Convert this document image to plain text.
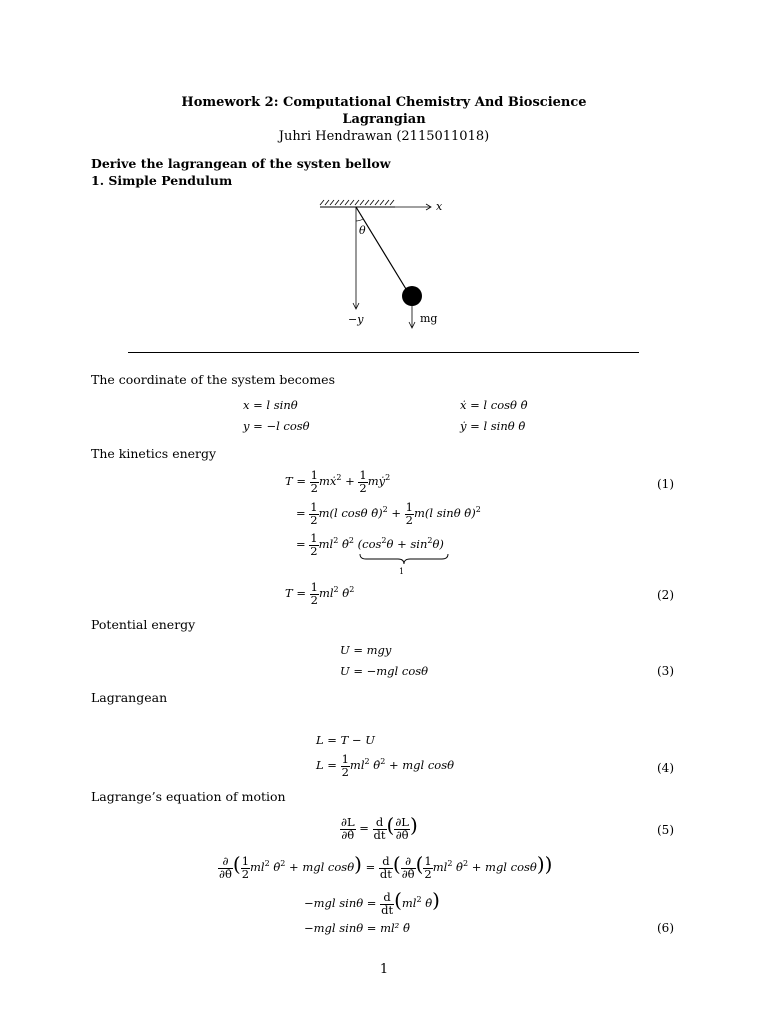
Homework 2: Computational Chemistry And Bioscience
Lagrangian
Juhri Hendrawan (2115011018)
Derive the lagrangean of the systen bellow
1. Simple Pendulum
x
−y
θ
mg
The coordinate of the system becomes
x = l sinθ
y = −l cosθ
ẋ = l cosθ θ̇
ẏ = l sinθ θ̇
The kinetics energy
$T = \frac{1}{2}$ mẋ$^2$ + $\frac{1}{2}$ mẏ$^2$	(1)
= $\frac{1}{2} m(l$ cosθ θ̇)$^2$ + $\frac{1}{2} m(l$ sinθ θ̇)$^2$
= $\frac{1}{2} ml^2$ θ̇$^2$ $(\cos^2\theta + \sin^2\theta)$
1
$T = \frac{1}{2} ml^2$ θ̇$^2$	(2)
Potential energy
U = mgy
U = −mgl cosθ	(3)
Lagrangean
L = T − U
$L = \frac{1}{2} ml^2$ θ̇$^2$ + mgl cosθ	(4)
Lagrange’s equation of motion
$\frac{\partial L}{\partial\thetȧ} = \frac{d}{dt}$ ( $\frac{\partial L}{\partial\thetȧ}$ )	(5)
$\frac{\partial}{\partial\thetȧ}$ ( $\frac{1}{2} ml^2$ θ̇$^2$ + mgl $\cos\theta) = \frac{d}{dt}$ ( $\frac{\partial}{\partial\thetȧ}$ ( $\frac{1}{2} ml^2$ θ̇$^2$ + mgl cosθ))
−mgl $\sin\theta = \frac{d}{dt} (ml^2$ θ̇)
−mgl sinθ = ml² θ̈	(6)
1
